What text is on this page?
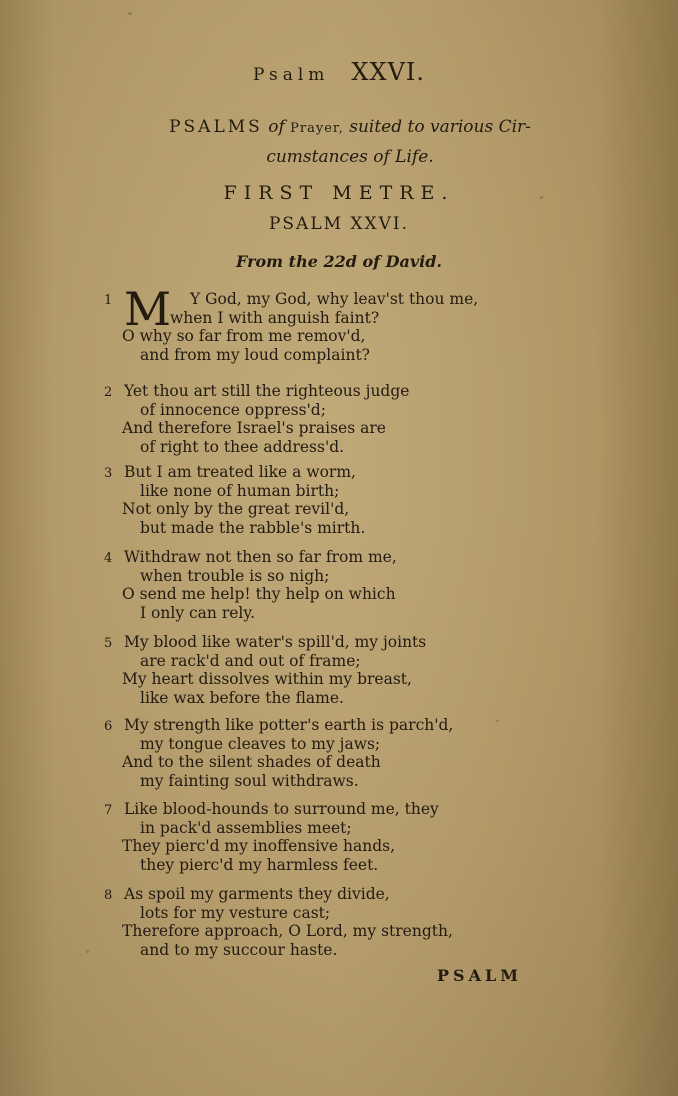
Psalm XXVI.
PSALMS of Prayer, suited to various Cir-
cumstances of Life.
FIRST METRE.
PSALM XXVI.
From the 22d of David.
1 M Y God, my God, why leav'st thou me,
when I with anguish faint?
O why so far from me remov'd,
and from my loud complaint?
2 Yet thou art still the righteous judge
of innocence oppress'd;
And therefore Israel's praises are
of right to thee address'd.
3 But I am treated like a worm,
like none of human birth;
Not only by the great revil'd,
but made the rabble's mirth.
4 Withdraw not then so far from me,
when trouble is so nigh;
O send me help! thy help on which
I only can rely.
5 My blood like water's spill'd, my joints
are rack'd and out of frame;
My heart dissolves within my breast,
like wax before the flame.
6 My strength like potter's earth is parch'd,
my tongue cleaves to my jaws;
And to the silent shades of death
my fainting soul withdraws.
7 Like blood-hounds to surround me, they
in pack'd assemblies meet;
They pierc'd my inoffensive hands,
they pierc'd my harmless feet.
8 As spoil my garments they divide,
lots for my vesture cast;
Therefore approach, O Lord, my strength,
and to my succour haste.
PSALM
